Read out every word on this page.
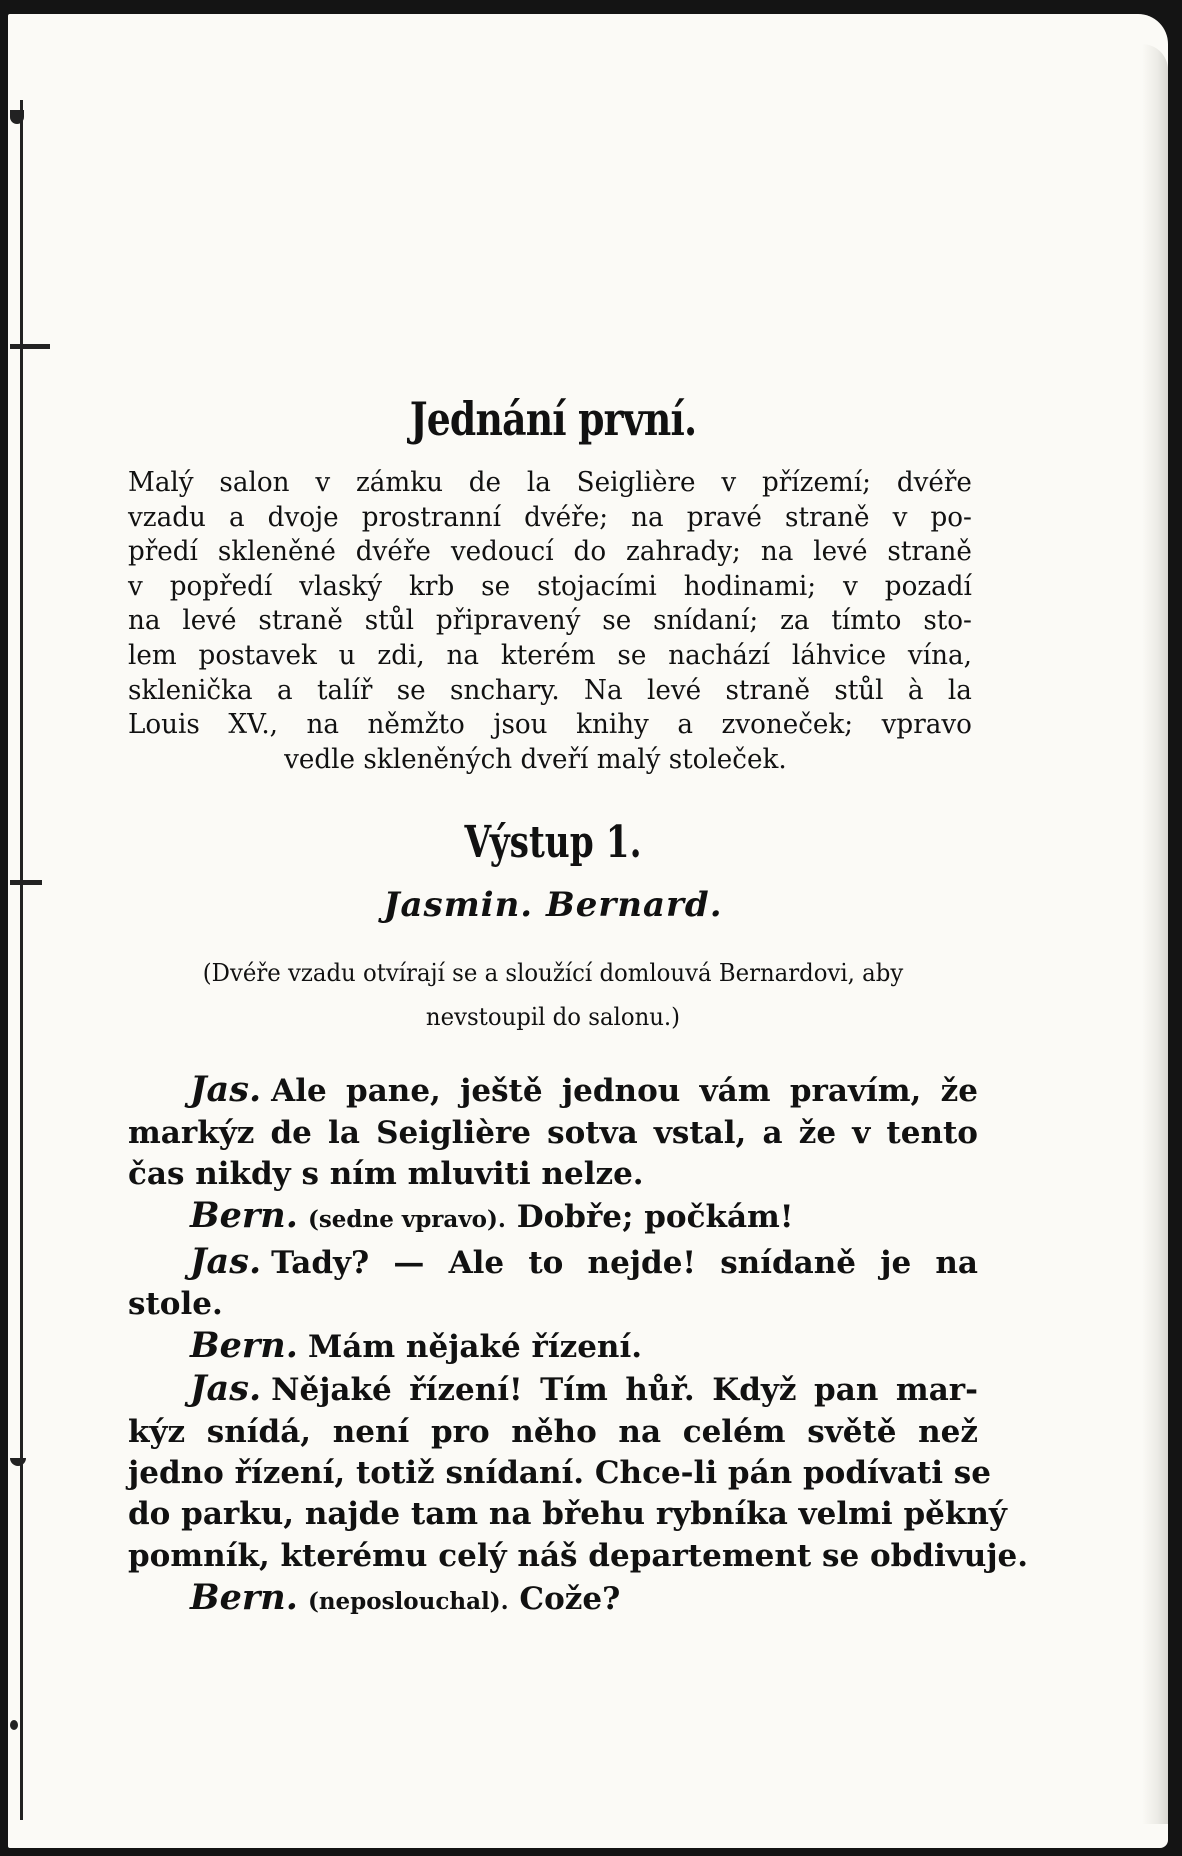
Jednání první.

Malý salon v zámku de la Seiglière v přízemí; dvéře
vzadu a dvoje prostranní dvéře; na pravé straně v po-
předí skleněné dvéře vedoucí do zahrady; na levé straně
v popředí vlaský krb se stojacími hodinami; v pozadí
na levé straně stůl připravený se snídaní; za tímto sto-
lem postavek u zdi, na kterém se nachází láhvice vína,
sklenička a talíř se snchary. Na levé straně stůl à la
Louis XV., na němžto jsou knihy a zvoneček; vpravo
vedle skleněných dveří malý stoleček.

Výstup 1.
Jasmin. Bernard.
(Dvéře vzadu otvírají se a sloužící domlouvá Bernardovi, aby
nevstoupil do salonu.)
Jas. Ale pane, ještě jednou vám pravím, že
markýz de la Seiglière sotva vstal, a že v tento
čas nikdy s ním mluviti nelze.
Bern. (sedne vpravo). Dobře; počkám!
Jas. Tady? — Ale to nejde! snídaně je na
stole.
Bern. Mám nějaké řízení.
Jas. Nějaké řízení! Tím hůř. Když pan mar-
kýz snídá, není pro něho na celém světě než
jedno řízení, totiž snídaní. Chce-li pán podívati se
do parku, najde tam na břehu rybníka velmi pěkný
pomník, kterému celý náš departement se obdivuje.
Bern. (neposlouchal). Cože?
